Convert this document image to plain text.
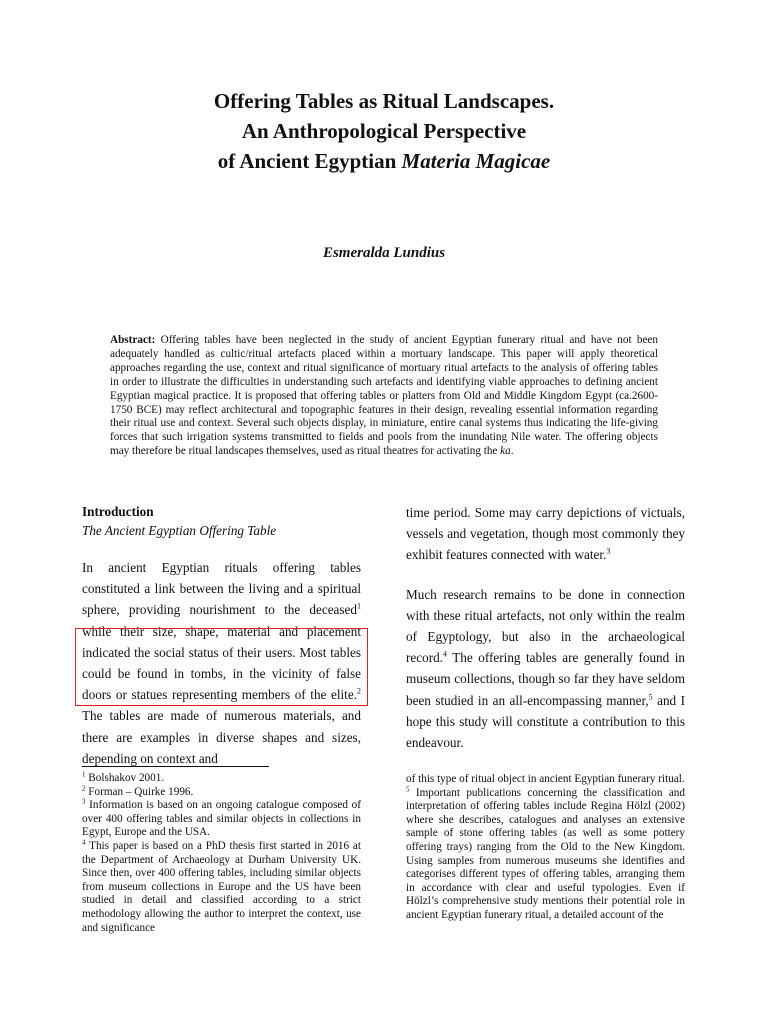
Offering Tables as Ritual Landscapes.
An Anthropological Perspective
of Ancient Egyptian Materia Magicae
Esmeralda Lundius
Abstract: Offering tables have been neglected in the study of ancient Egyptian funerary ritual and have not been adequately handled as cultic/ritual artefacts placed within a mortuary landscape. This paper will apply theoretical approaches regarding the use, context and ritual significance of mortuary ritual artefacts to the analysis of offering tables in order to illustrate the difficulties in understanding such artefacts and identifying viable approaches to defining ancient Egyptian magical practice. It is proposed that offering tables or platters from Old and Middle Kingdom Egypt (ca.2600-1750 BCE) may reflect architectural and topographic features in their design, revealing essential information regarding their ritual use and context. Several such objects display, in miniature, entire canal systems thus indicating the life-giving forces that such irrigation systems transmitted to fields and pools from the inundating Nile water. The offering objects may therefore be ritual landscapes themselves, used as ritual theatres for activating the ka.

Introduction

The Ancient Egyptian Offering Table

In ancient Egyptian rituals offering tables constituted a link between the living and a spiritual sphere, providing nourishment to the deceased$^1$ while their size, shape, material and placement indicated the social status of their users. Most tables could be found in tombs, in the vicinity of false doors or statues representing members of the elite.$^2$ The tables are made of numerous materials, and there are examples in diverse shapes and sizes, depending on context and

time period. Some may carry depictions of victuals, vessels and vegetation, though most commonly they exhibit features connected with water.$^3$

Much research remains to be done in connection with these ritual artefacts, not only within the realm of Egyptology, but also in the archaeological record.$^4$ The offering tables are generally found in museum collections, though so far they have seldom been studied in an all-encompassing manner,$^5$ and I hope this study will constitute a contribution to this endeavour.

$^1$ Bolshakov 2001.

$^2$ Forman – Quirke 1996.

$^3$ Information is based on an ongoing catalogue composed of over 400 offering tables and similar objects in collections in Egypt, Europe and the USA.

$^4$ This paper is based on a PhD thesis first started in 2016 at the Department of Archaeology at Durham University UK. Since then, over 400 offering tables, including similar objects from museum collections in Europe and the US have been studied in detail and classified according to a strict methodology allowing the author to interpret the context, use and significance

of this type of ritual object in ancient Egyptian funerary ritual.

$^5$ Important publications concerning the classification and interpretation of offering tables include Regina Hölzl (2002) where she describes, catalogues and analyses an extensive sample of stone offering tables (as well as some pottery offering trays) ranging from the Old to the New Kingdom. Using samples from numerous museums she identifies and categorises different types of offering tables, arranging them in accordance with clear and useful typologies. Even if Hölzl’s comprehensive study mentions their potential role in ancient Egyptian funerary ritual, a detailed account of the
